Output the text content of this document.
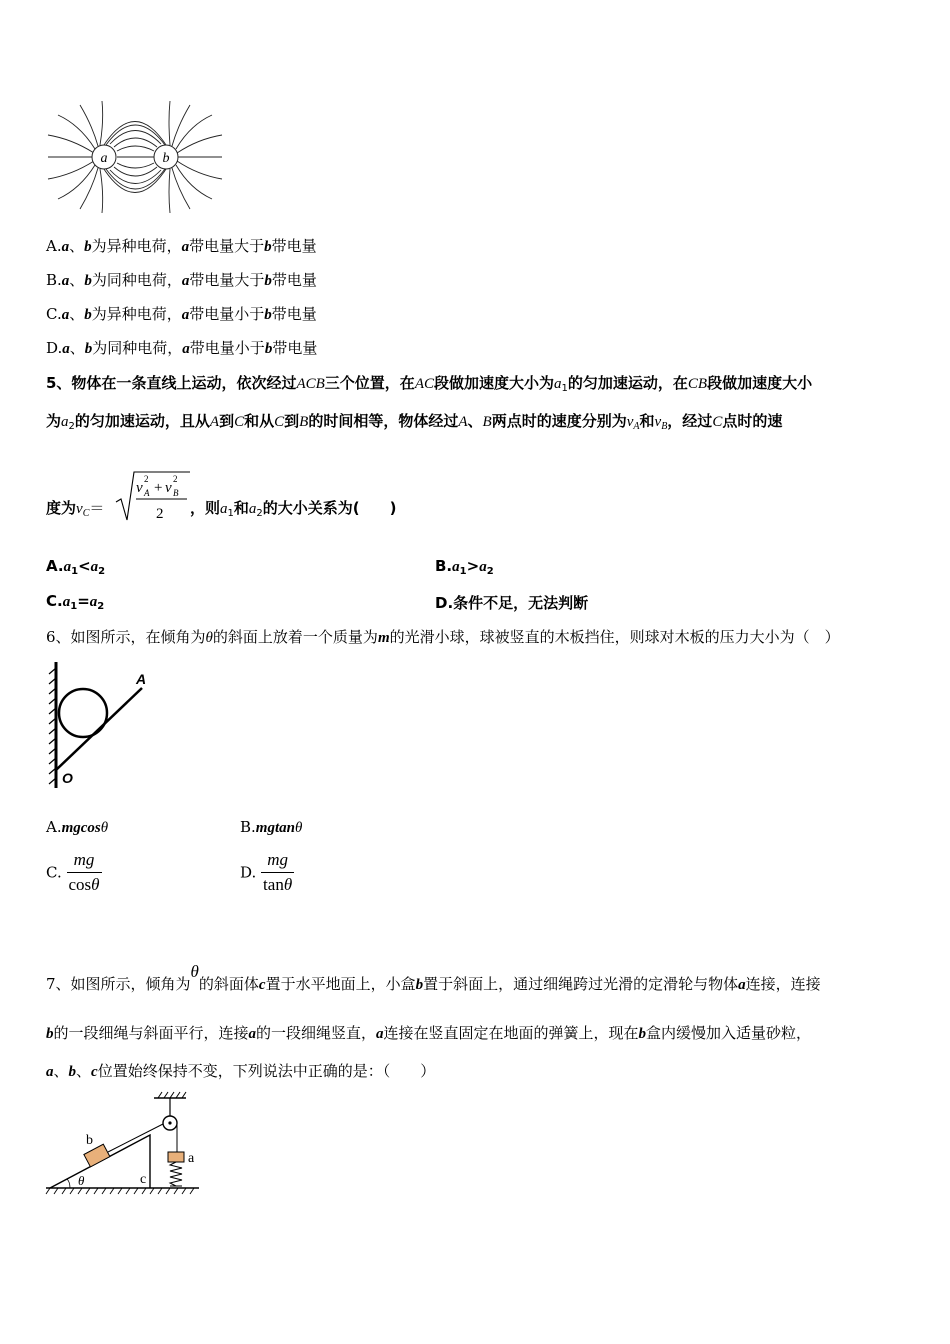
a	b
A.a、b为异种电荷，a带电量大于b带电量
B.a、b为同种电荷，a带电量大于b带电量
C.a、b为异种电荷，a带电量小于b带电量
D.a、b为同种电荷，a带电量小于b带电量
5、物体在一条直线上运动，依次经过ACB三个位置，在AC段做加速度大小为$a_1$的匀加速运动，在CB段做加速度大小
为$a_2$的匀加速运动，且从A到C和从C到B的时间相等，物体经过A、B两点时的速度分别为$v_A$和$v_B$，经过C点时的速
度为$v_C=$
v
2
A + v
2
B
2 ，则$a_1$和$a_2$的大小关系为(　　)
$A.a_1<a_2$	$B.a_1>a_2$
$C.a_1=a_2$	D.条件不足，无法判断
6、如图所示，在倾角为θ的斜面上放着一个质量为m的光滑小球，球被竖直的木板挡住，则球对木板的压力大小为（　）
A
O
A.mgcosθ	B.mgtanθ
C. $\frac{mg}{\cos\theta}$	D. $\frac{mg}{\tan\theta}$
7、如图所示，倾角为θ的斜面体c置于水平地面上，小盒b置于斜面上，通过细绳跨过光滑的定滑轮与物体a连接，连接
b的一段细绳与斜面平行，连接a的一段细绳竖直，a连接在竖直固定在地面的弹簧上，现在b盒内缓慢加入适量砂粒，
a、b、c位置始终保持不变，下列说法中正确的是：（　　）
b
a
c
θ
